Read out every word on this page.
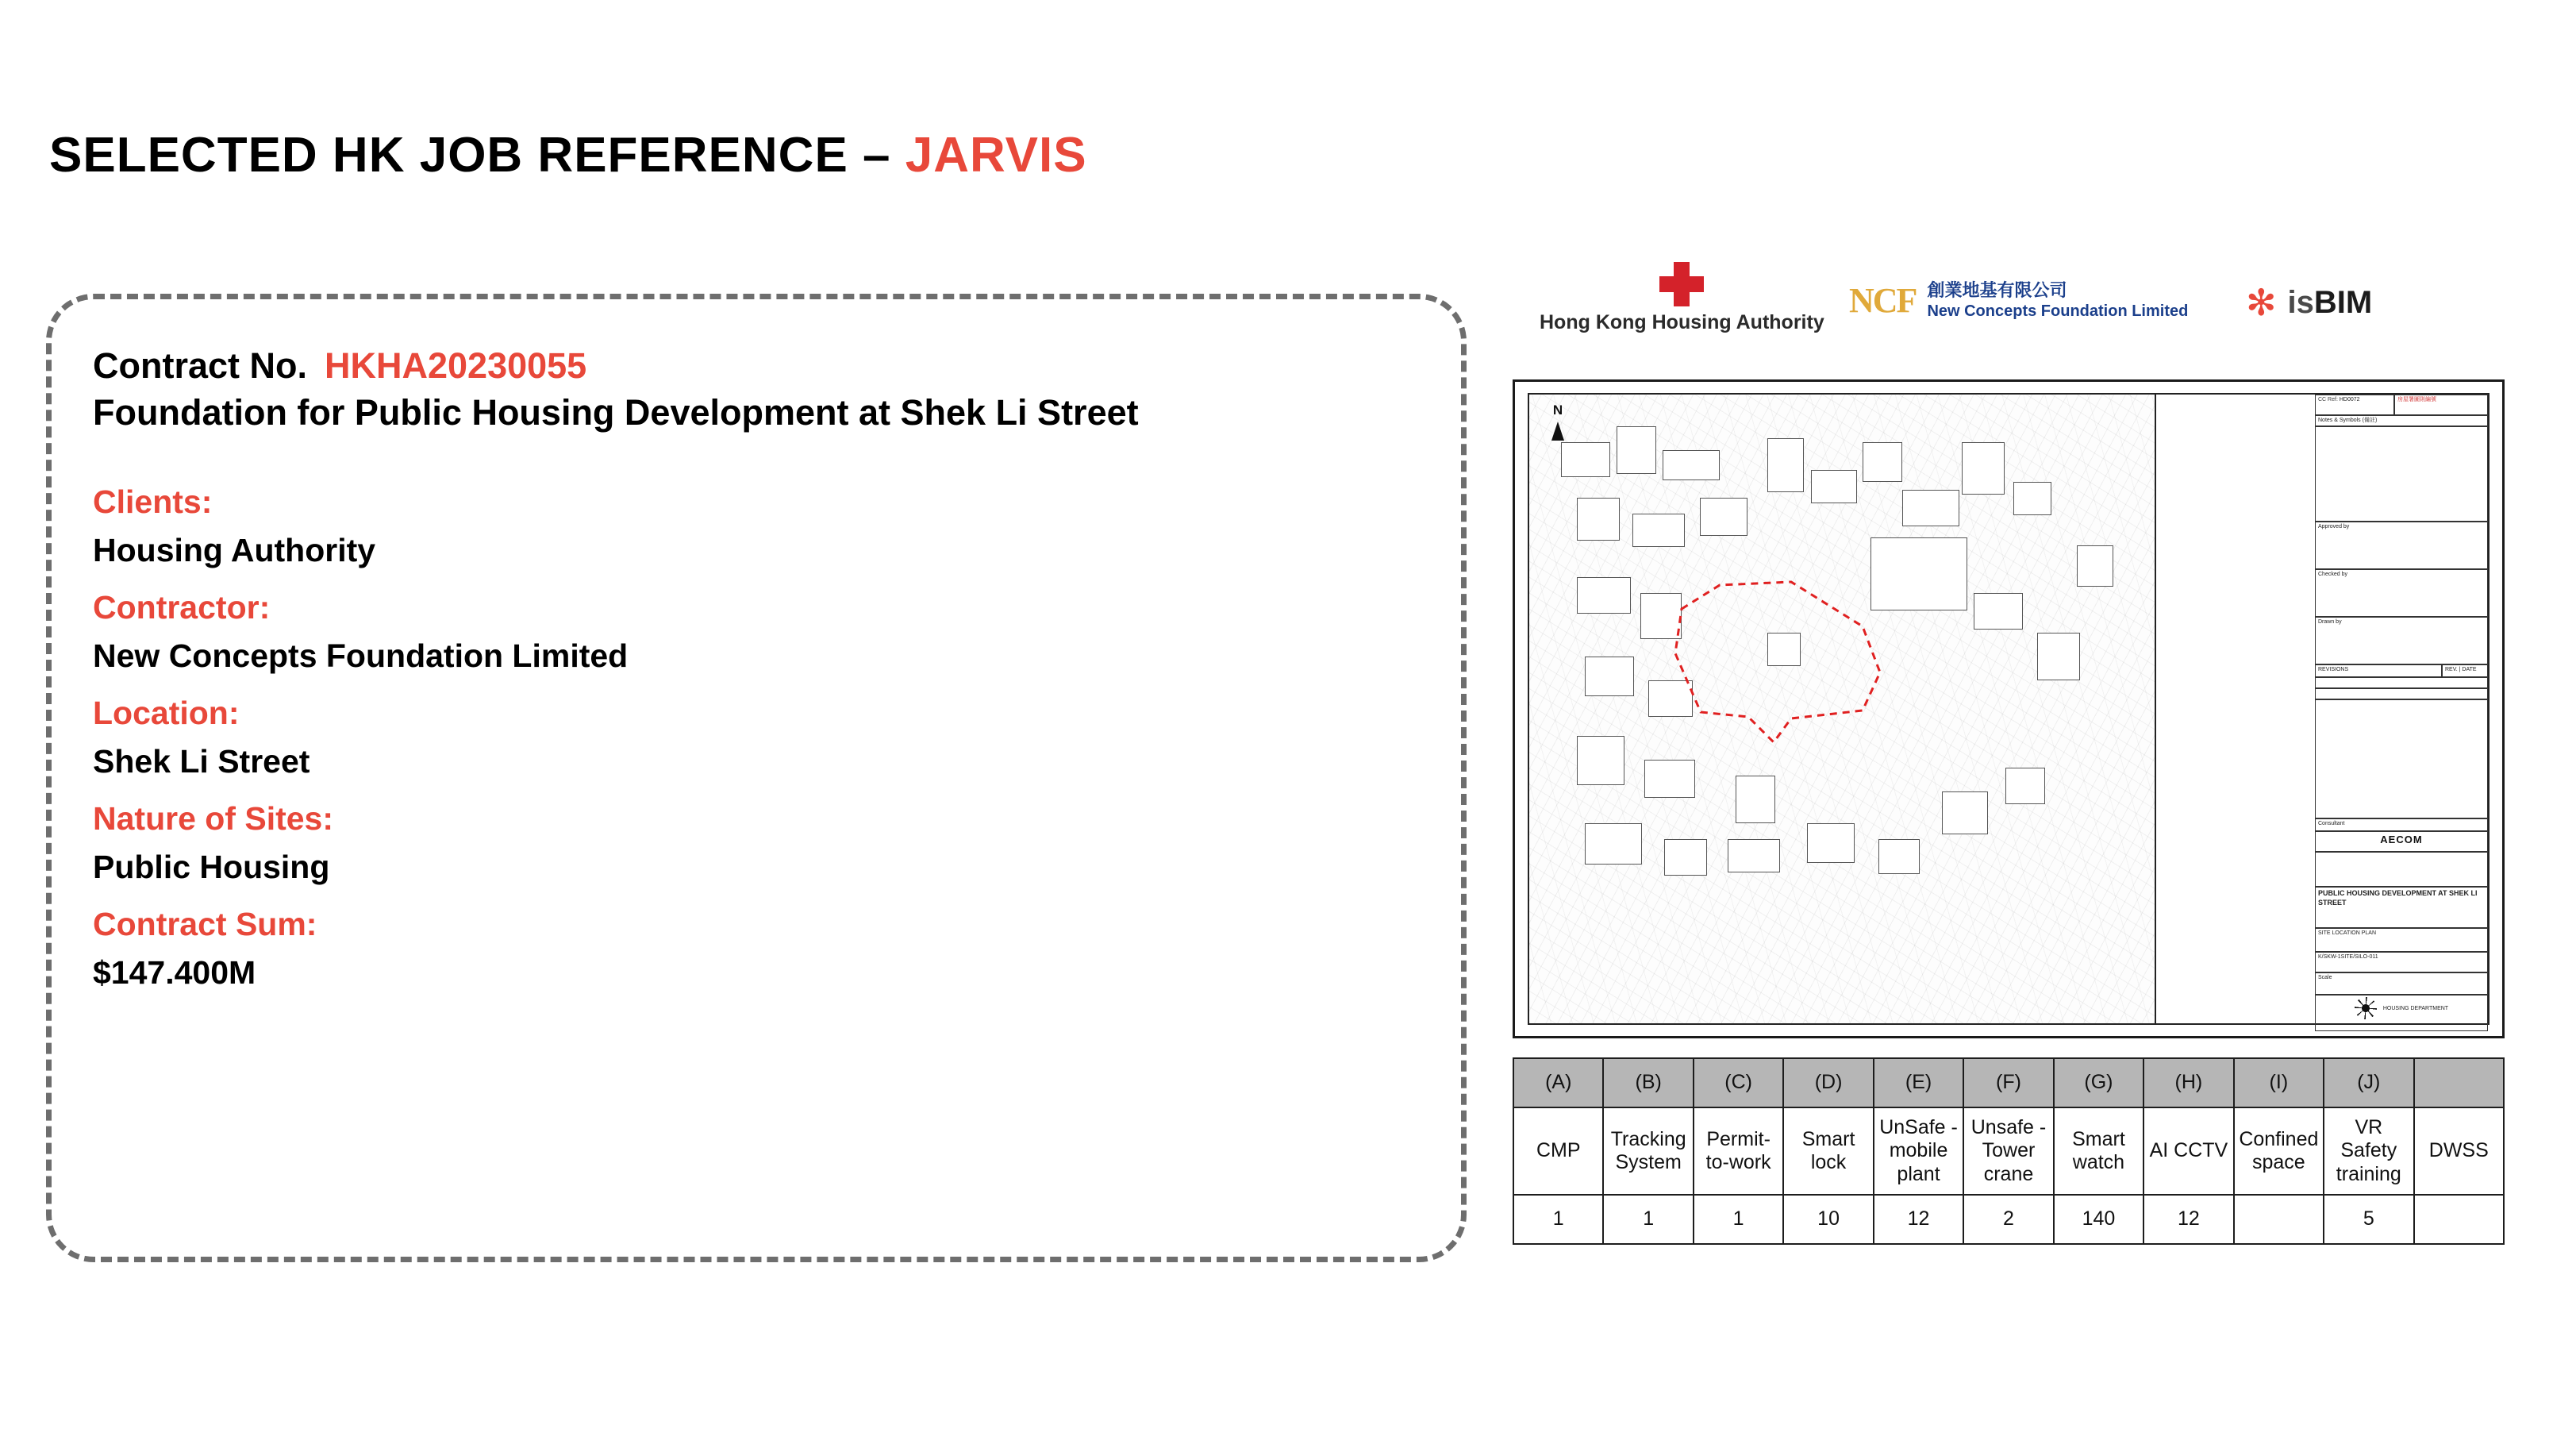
SELECTED HK JOB REFERENCE – JARVIS

Contract No. HKHA20230055

Foundation for Public Housing Development at Shek Li Street

Clients:

Housing Authority

Contractor:

New Concepts Foundation Limited

Location:

Shek Li Street

Nature of Sites:

Public Housing

Contract Sum:

$147.400M

Hong Kong Housing Authority
NCF 創業地基有限公司
New Concepts Foundation Limited ✻ isBIM
N
CC Ref: HD0072	房屋署圖則編號
Notes & Symbols (備註)
Approved by
Checked by
Drawn by
REVISIONS	REV. | DATE
Consultant
AECOM
PUBLIC HOUSING DEVELOPMENT AT SHEK LI STREET
SITE LOCATION PLAN
K/SKW-1SITE/SILO-011
Scale
HOUSING DEPARTMENT
(A)	(B)	(C)	(D)	(E)	(F)	(G)	(H)	(I)	(J)	
CMP	Tracking System	Permit-to-work	Smart lock	UnSafe - mobile plant	Unsafe - Tower crane	Smart watch	AI CCTV	Confined space	VR Safety training	DWSS
1	1	1	10	12	2	140	12		5	
